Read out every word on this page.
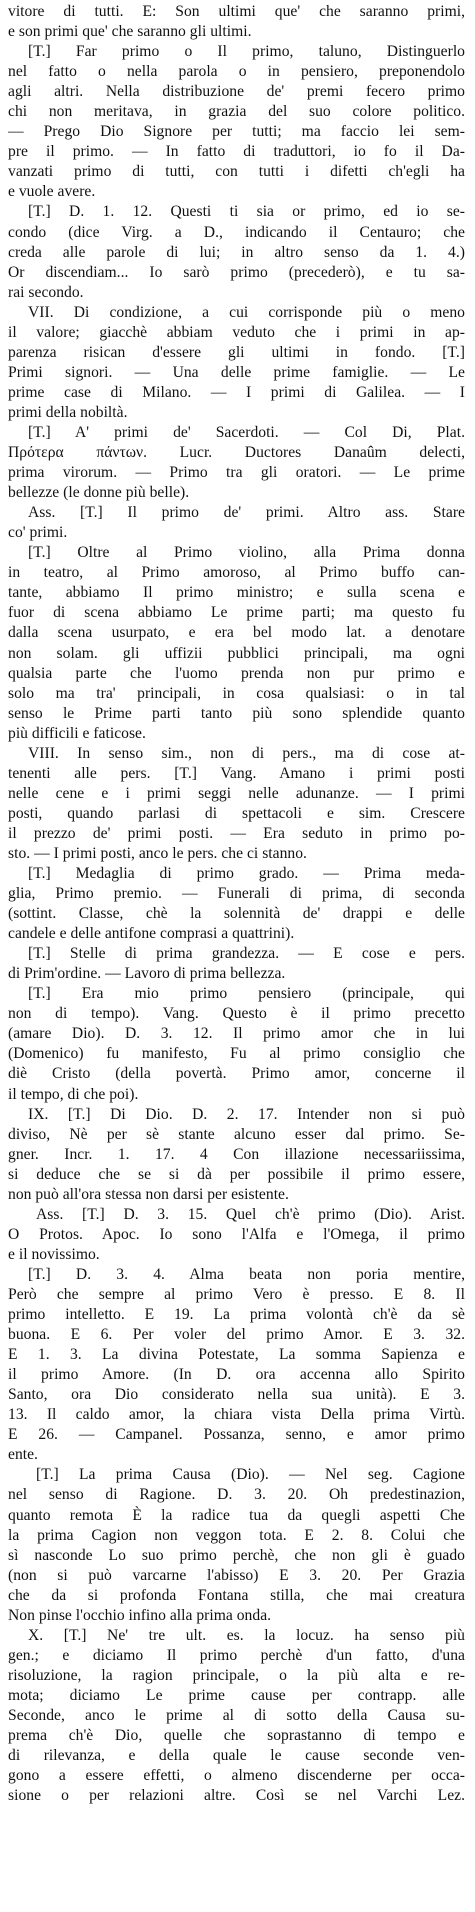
vitore di tutti. E: Son ultimi que' che saranno primi,
e son primi que' che saranno gli ultimi.
[T.] Far primo o Il primo, taluno, Distinguerlo
nel fatto o nella parola o in pensiero, preponendolo
agli altri. Nella distribuzione de' premi fecero primo
chi non meritava, in grazia del suo colore politico.
— Prego Dio Signore per tutti; ma faccio lei sem-
pre il primo. — In fatto di traduttori, io fo il Da-
vanzati primo di tutti, con tutti i difetti ch'egli ha
e vuole avere.
[T.] D. 1. 12. Questi ti sia or primo, ed io se-
condo (dice Virg. a D., indicando il Centauro; che
creda alle parole di lui; in altro senso da 1. 4.)
Or discendiam... Io sarò primo (precederò), e tu sa-
rai secondo.
VII. Di condizione, a cui corrisponde più o meno
il valore; giacchè abbiam veduto che i primi in ap-
parenza risican d'essere gli ultimi in fondo. [T.]
Primi signori. — Una delle prime famiglie. — Le
prime case di Milano. — I primi di Galilea. — I
primi della nobiltà.
[T.] A' primi de' Sacerdoti. — Col Di, Plat.
Πρότερα πάντων. Lucr. Ductores Danaûm delecti,
prima virorum. — Primo tra gli oratori. — Le prime
bellezze (le donne più belle).
Ass. [T.] Il primo de' primi. Altro ass. Stare
co' primi.
[T.] Oltre al Primo violino, alla Prima donna
in teatro, al Primo amoroso, al Primo buffo can-
tante, abbiamo Il primo ministro; e sulla scena e
fuor di scena abbiamo Le prime parti; ma questo fu
dalla scena usurpato, e era bel modo lat. a denotare
non solam. gli uffizii pubblici principali, ma ogni
qualsia parte che l'uomo prenda non pur primo e
solo ma tra' principali, in cosa qualsiasi: o in tal
senso le Prime parti tanto più sono splendide quanto
più difficili e faticose.
VIII. In senso sim., non di pers., ma di cose at-
tenenti alle pers. [T.] Vang. Amano i primi posti
nelle cene e i primi seggi nelle adunanze. — I primi
posti, quando parlasi di spettacoli e sim. Crescere
il prezzo de' primi posti. — Era seduto in primo po-
sto. — I primi posti, anco le pers. che ci stanno.
[T.] Medaglia di primo grado. — Prima meda-
glia, Primo premio. — Funerali di prima, di seconda
(sottint. Classe, chè la solennità de' drappi e delle
candele e delle antifone comprasi a quattrini).
[T.] Stelle di prima grandezza. — E cose e pers.
di Prim'ordine. — Lavoro di prima bellezza.
[T.] Era mio primo pensiero (principale, qui
non di tempo). Vang. Questo è il primo precetto
(amare Dio). D. 3. 12. Il primo amor che in lui
(Domenico) fu manifesto, Fu al primo consiglio che
diè Cristo (della povertà. Primo amor, concerne il
il tempo, di che poi).
IX. [T.] Di Dio. D. 2. 17. Intender non si può
diviso, Nè per sè stante alcuno esser dal primo. Se-
gner. Incr. 1. 17. 4 Con illazione necessariissima,
si deduce che se si dà per possibile il primo essere,
non può all'ora stessa non darsi per esistente.
Ass. [T.] D. 3. 15. Quel ch'è primo (Dio). Arist.
O Protos. Apoc. Io sono l'Alfa e l'Omega, il primo
e il novissimo.
[T.] D. 3. 4. Alma beata non poria mentire,
Però che sempre al primo Vero è presso. E 8. Il
primo intelletto. E 19. La prima volontà ch'è da sè
buona. E 6. Per voler del primo Amor. E 3. 32.
E 1. 3. La divina Potestate, La somma Sapienza e
il primo Amore. (In D. ora accenna allo Spirito
Santo, ora Dio considerato nella sua unità). E 3.
13. Il caldo amor, la chiara vista Della prima Virtù.
E 26. — Campanel. Possanza, senno, e amor primo
ente.
[T.] La prima Causa (Dio). — Nel seg. Cagione
nel senso di Ragione. D. 3. 20. Oh predestinazion,
quanto remota È la radice tua da quegli aspetti Che
la prima Cagion non veggon tota. E 2. 8. Colui che
sì nasconde Lo suo primo perchè, che non gli è guado
(non si può varcarne l'abisso) E 3. 20. Per Grazia
che da si profonda Fontana stilla, che mai creatura
Non pinse l'occhio infino alla prima onda.
X. [T.] Ne' tre ult. es. la locuz. ha senso più
gen.; e diciamo Il primo perchè d'un fatto, d'una
risoluzione, la ragion principale, o la più alta e re-
mota; diciamo Le prime cause per contrapp. alle
Seconde, anco le prime al di sotto della Causa su-
prema ch'è Dio, quelle che soprastanno di tempo e
di rilevanza, e della quale le cause seconde ven-
gono a essere effetti, o almeno discenderne per occa-
sione o per relazioni altre. Così se nel Varchi Lez.
